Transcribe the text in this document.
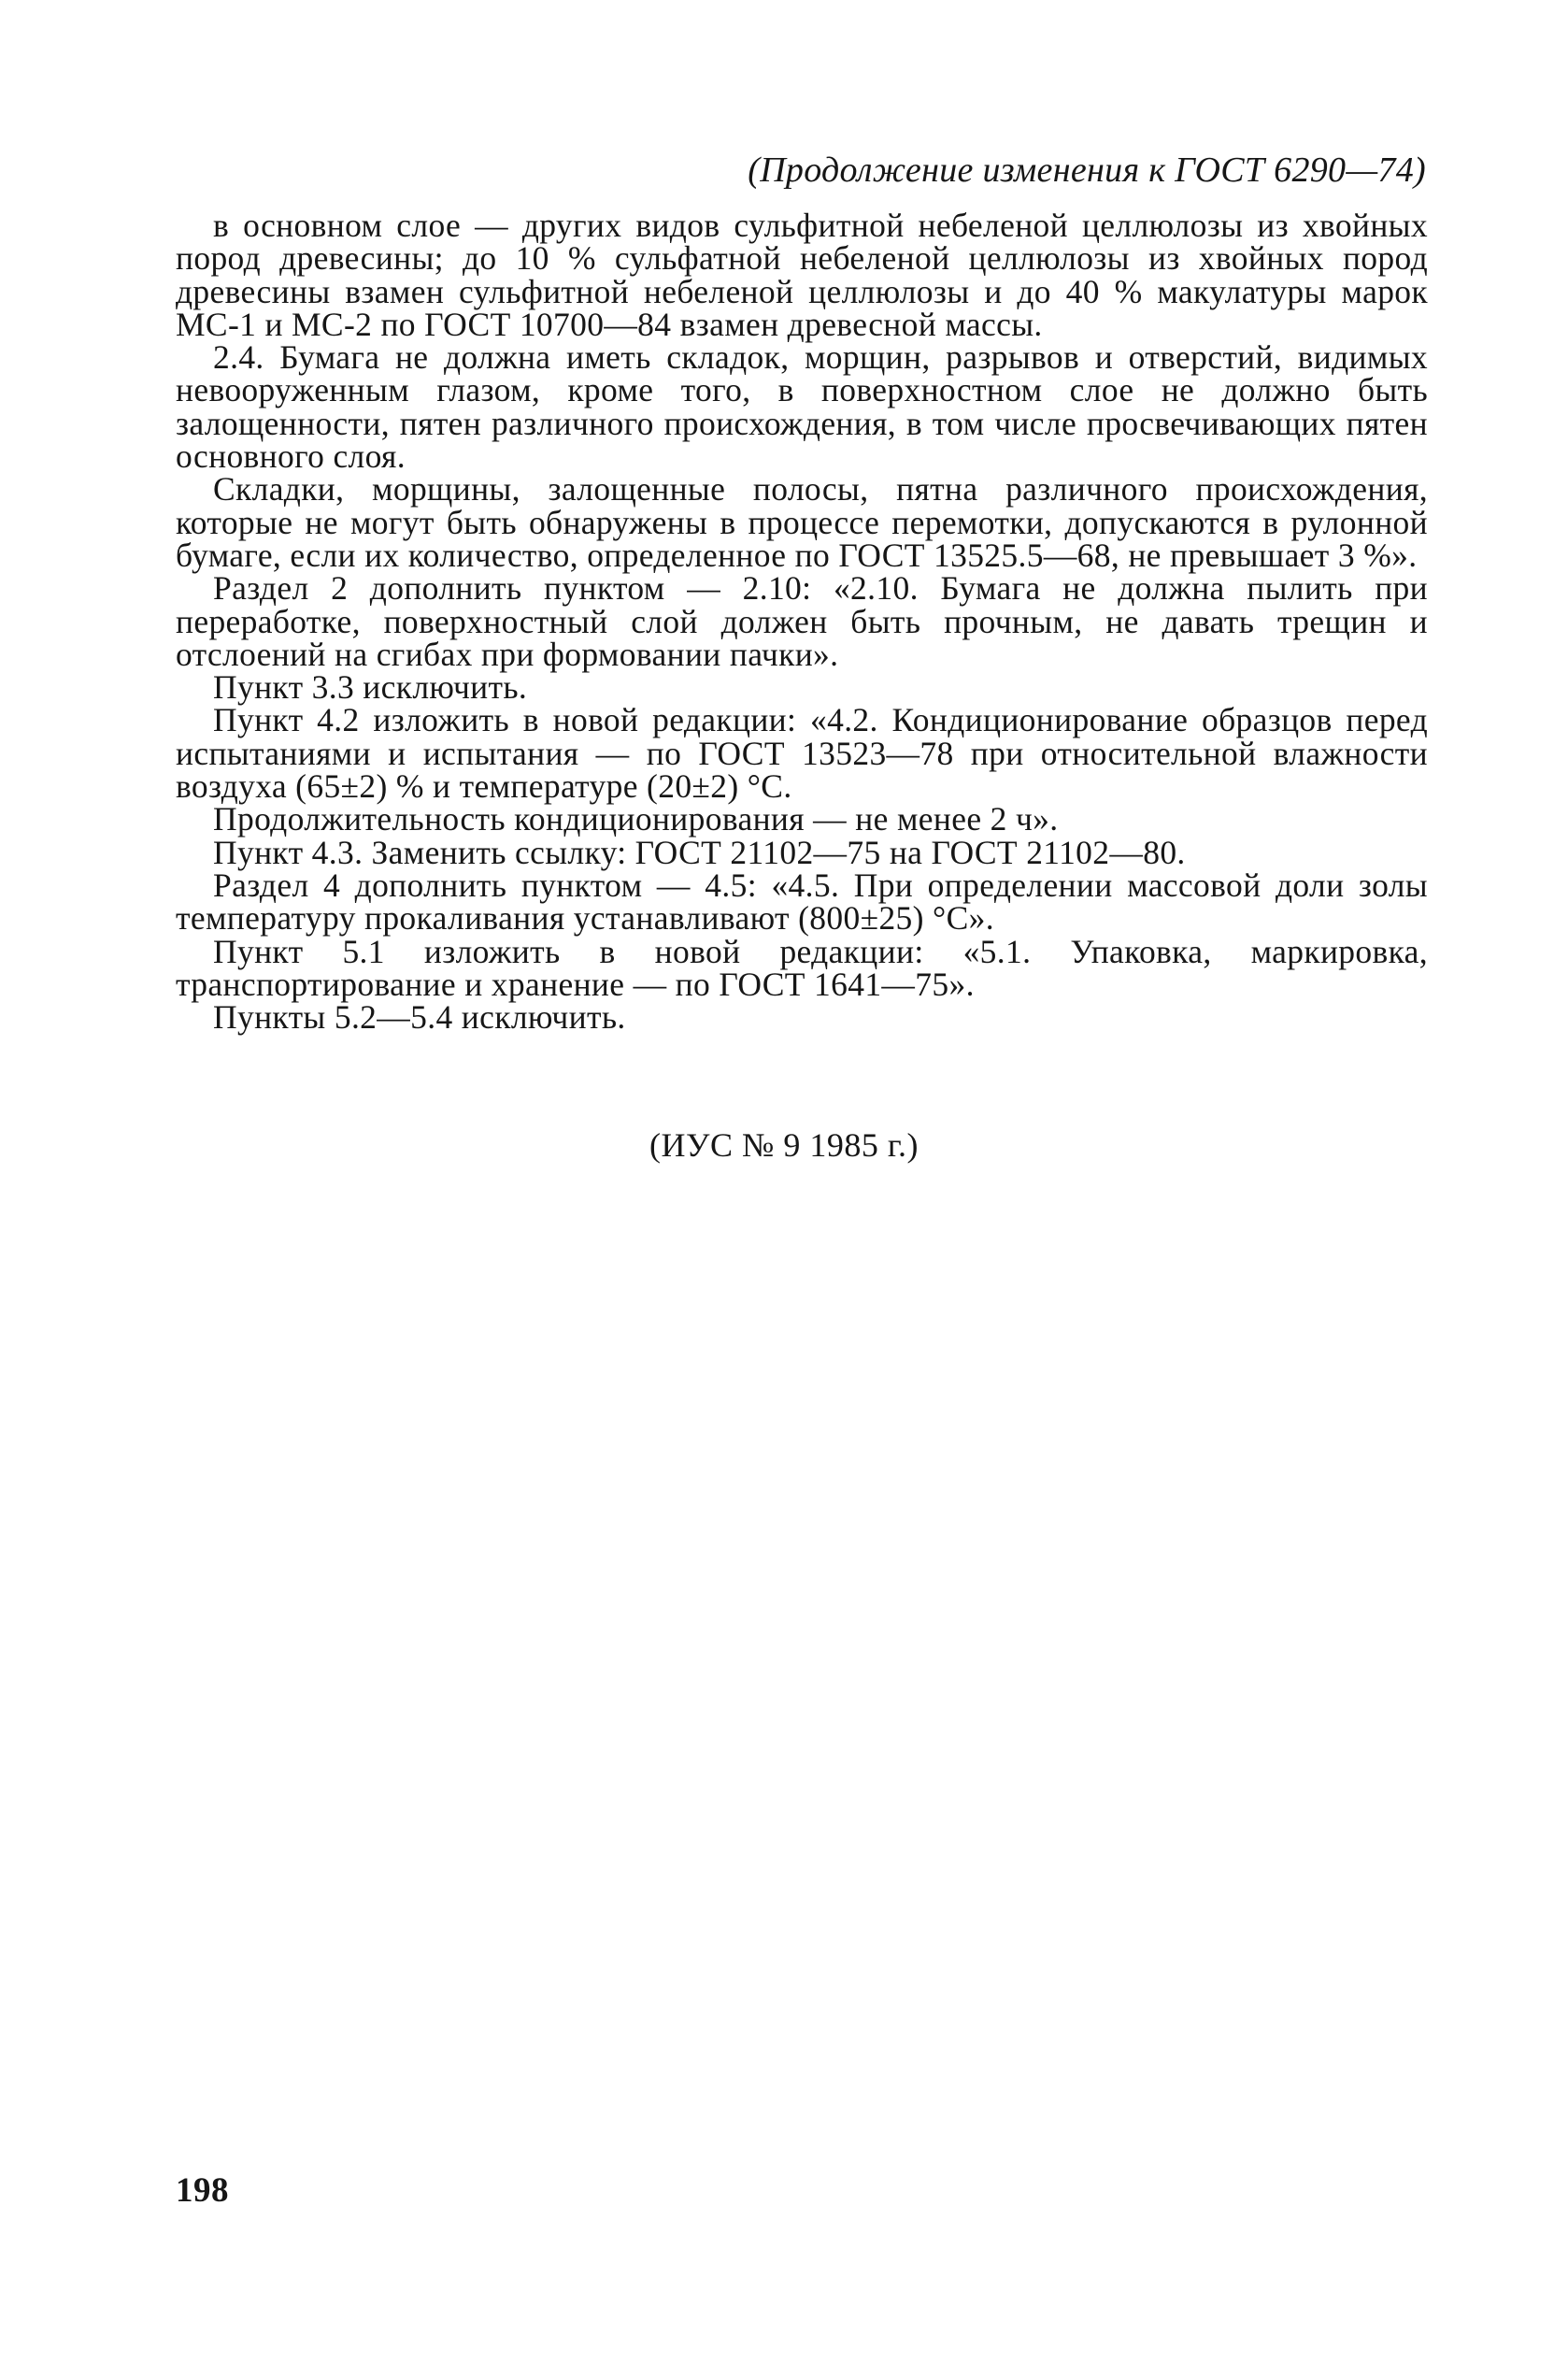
(Продолжение изменения к ГОСТ 6290—74)

в основном слое — других видов сульфитной небеленой целлюлозы из хвойных пород древесины; до 10 % сульфатной небеленой целлюлозы из хвойных пород древесины взамен сульфитной небеленой целлюлозы и до 40 % макулатуры марок МС-1 и МС-2 по ГОСТ 10700—84 взамен древесной массы.

2.4. Бумага не должна иметь складок, морщин, разрывов и отверстий, видимых невооруженным глазом, кроме того, в поверхностном слое не должно быть залощенности, пятен различного происхождения, в том числе просвечивающих пятен основного слоя.

Складки, морщины, залощенные полосы, пятна различного происхождения, которые не могут быть обнаружены в процессе перемотки, допускаются в рулонной бумаге, если их количество, определенное по ГОСТ 13525.5—68, не превышает 3 %».

Раздел 2 дополнить пунктом — 2.10: «2.10. Бумага не должна пылить при переработке, поверхностный слой должен быть прочным, не давать трещин и отслоений на сгибах при формовании пачки».

Пункт 3.3 исключить.

Пункт 4.2 изложить в новой редакции: «4.2. Кондиционирование образцов перед испытаниями и испытания — по ГОСТ 13523—78 при относительной влажности воздуха (65±2) % и температуре (20±2) °С.

Продолжительность кондиционирования — не менее 2 ч».

Пункт 4.3. Заменить ссылку: ГОСТ 21102—75 на ГОСТ 21102—80.

Раздел 4 дополнить пунктом — 4.5: «4.5. При определении массовой доли золы температуру прокаливания устанавливают (800±25) °С».

Пункт 5.1 изложить в новой редакции: «5.1. Упаковка, маркировка, транспортирование и хранение — по ГОСТ 1641—75».

Пункты 5.2—5.4 исключить.

(ИУС № 9 1985 г.)
198
